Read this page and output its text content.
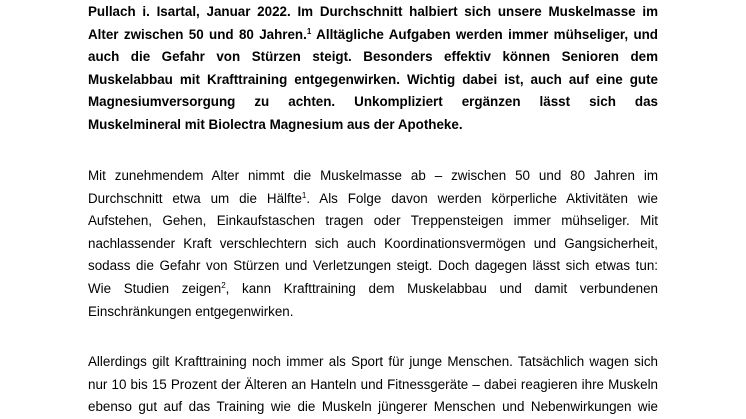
Pullach i. Isartal, Januar 2022. Im Durchschnitt halbiert sich unsere Muskelmasse im
Alter zwischen 50 und 80 Jahren.$^1$ Alltägliche Aufgaben werden immer mühseliger, und
auch die Gefahr von Stürzen steigt. Besonders effektiv können Senioren dem
Muskelabbau mit Krafttraining entgegenwirken. Wichtig dabei ist, auch auf eine gute
Magnesiumversorgung zu achten. Unkompliziert ergänzen lässt sich das
Muskelmineral mit Biolectra Magnesium aus der Apotheke.
Mit zunehmendem Alter nimmt die Muskelmasse ab – zwischen 50 und 80 Jahren im
Durchschnitt etwa um die Hälfte$^1$. Als Folge davon werden körperliche Aktivitäten wie
Aufstehen, Gehen, Einkaufstaschen tragen oder Treppensteigen immer mühseliger. Mit
nachlassender Kraft verschlechtern sich auch Koordinationsvermögen und Gangsicherheit,
sodass die Gefahr von Stürzen und Verletzungen steigt. Doch dagegen lässt sich etwas tun:
Wie Studien zeigen$^2$, kann Krafttraining dem Muskelabbau und damit verbundenen
Einschränkungen entgegenwirken.
Allerdings gilt Krafttraining noch immer als Sport für junge Menschen. Tatsächlich wagen sich
nur 10 bis 15 Prozent der Älteren an Hanteln und Fitnessgeräte – dabei reagieren ihre Muskeln
ebenso gut auf das Training wie die Muskeln jüngerer Menschen und Nebenwirkungen wie
